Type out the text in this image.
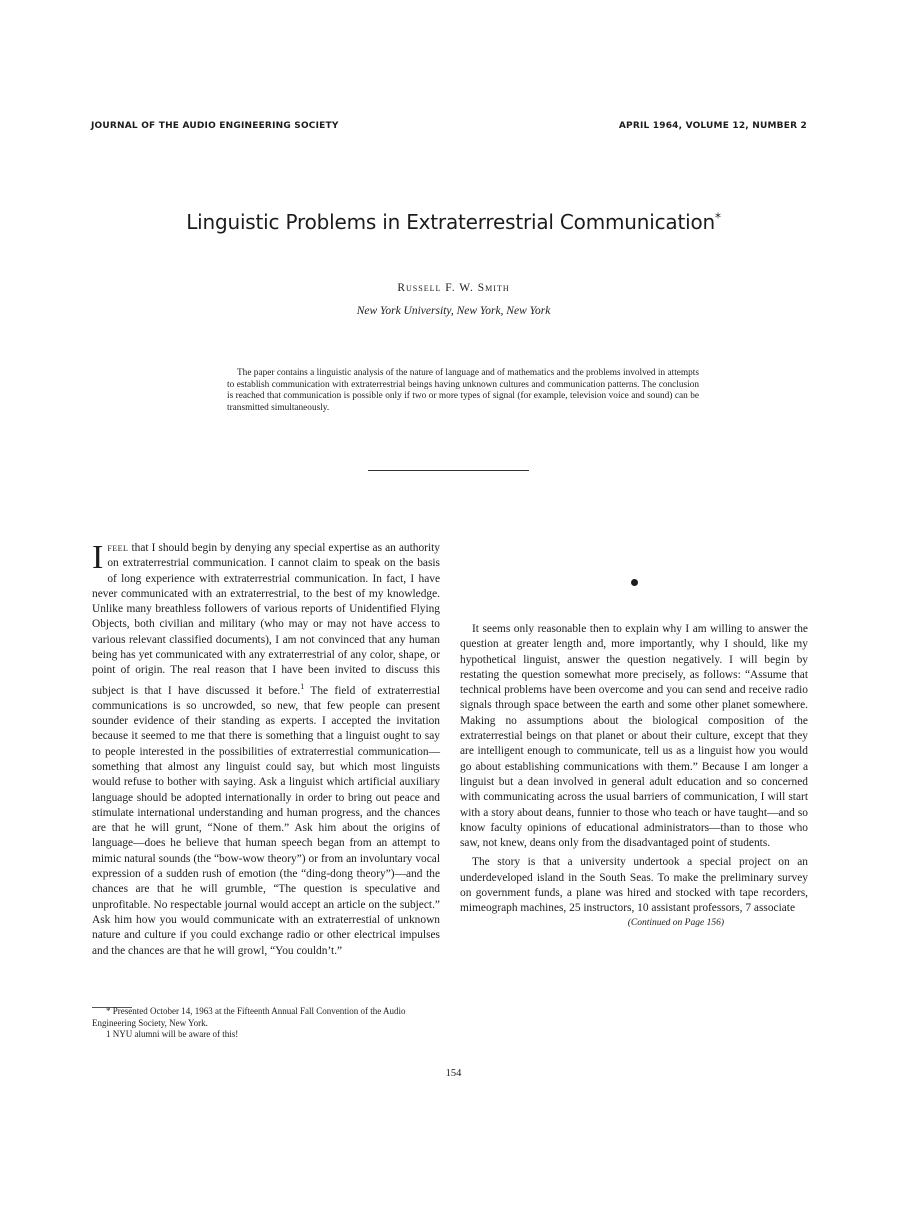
JOURNAL OF THE AUDIO ENGINEERING SOCIETY	APRIL 1964, VOLUME 12, NUMBER 2
Linguistic Problems in Extraterrestrial Communication*
Russell F. W. Smith
New York University, New York, New York
The paper contains a linguistic analysis of the nature of language and of mathematics and the problems involved in attempts to establish communication with extraterrestrial beings having unknown cultures and communication patterns. The conclusion is reached that communication is possible only if two or more types of signal (for example, television voice and sound) can be transmitted simultaneously.

Ifeel that I should begin by denying any special expertise as an authority on extraterrestrial communication. I cannot claim to speak on the basis of long experience with extraterrestrial communication. In fact, I have never communicated with an extraterrestrial, to the best of my knowledge. Unlike many breathless followers of various reports of Unidentified Flying Objects, both civilian and military (who may or may not have access to various relevant classified documents), I am not convinced that any human being has yet communicated with any extraterrestrial of any color, shape, or point of origin. The real reason that I have been invited to discuss this subject is that I have discussed it before.$^1$ The field of extraterrestial communications is so uncrowded, so new, that few people can present sounder evidence of their standing as experts. I accepted the invitation because it seemed to me that there is something that a linguist ought to say to people interested in the possibilities of extraterrestial communication—something that almost any linguist could say, but which most linguists would refuse to bother with saying. Ask a linguist which artificial auxiliary language should be adopted internationally in order to bring out peace and stimulate international understanding and human progress, and the chances are that he will grunt, “None of them.” Ask him about the origins of language—does he believe that human speech began from an attempt to mimic natural sounds (the “bow-wow theory”) or from an involuntary vocal expression of a sudden rush of emotion (the “ding-dong theory”)—and the chances are that he will grumble, “The question is speculative and unprofitable. No respectable journal would accept an article on the subject.” Ask him how you would communicate with an extraterrestial of unknown nature and culture if you could exchange radio or other electrical impulses and the chances are that he will growl, “You couldn’t.”

It seems only reasonable then to explain why I am willing to answer the question at greater length and, more importantly, why I should, like my hypothetical linguist, answer the question negatively. I will begin by restating the question somewhat more precisely, as follows: “Assume that technical problems have been overcome and you can send and receive radio signals through space between the earth and some other planet somewhere. Making no assumptions about the biological composition of the extraterrestial beings on that planet or about their culture, except that they are intelligent enough to communicate, tell us as a linguist how you would go about establishing communications with them.” Because I am longer a linguist but a dean involved in general adult education and so concerned with communicating across the usual barriers of communication, I will start with a story about deans, funnier to those who teach or have taught—and so know faculty opinions of educational administrators—than to those who saw, not knew, deans only from the disadvantaged point of students.

The story is that a university undertook a special project on an underdeveloped island in the South Seas. To make the preliminary survey on government funds, a plane was hired and stocked with tape recorders, mimeograph machines, 25 instructors, 10 assistant professors, 7 associate

(Continued on Page 156)

* Presented October 14, 1963 at the Fifteenth Annual Fall Convention of the Audio Engineering Society, New York.

1 NYU alumni will be aware of this!

154
